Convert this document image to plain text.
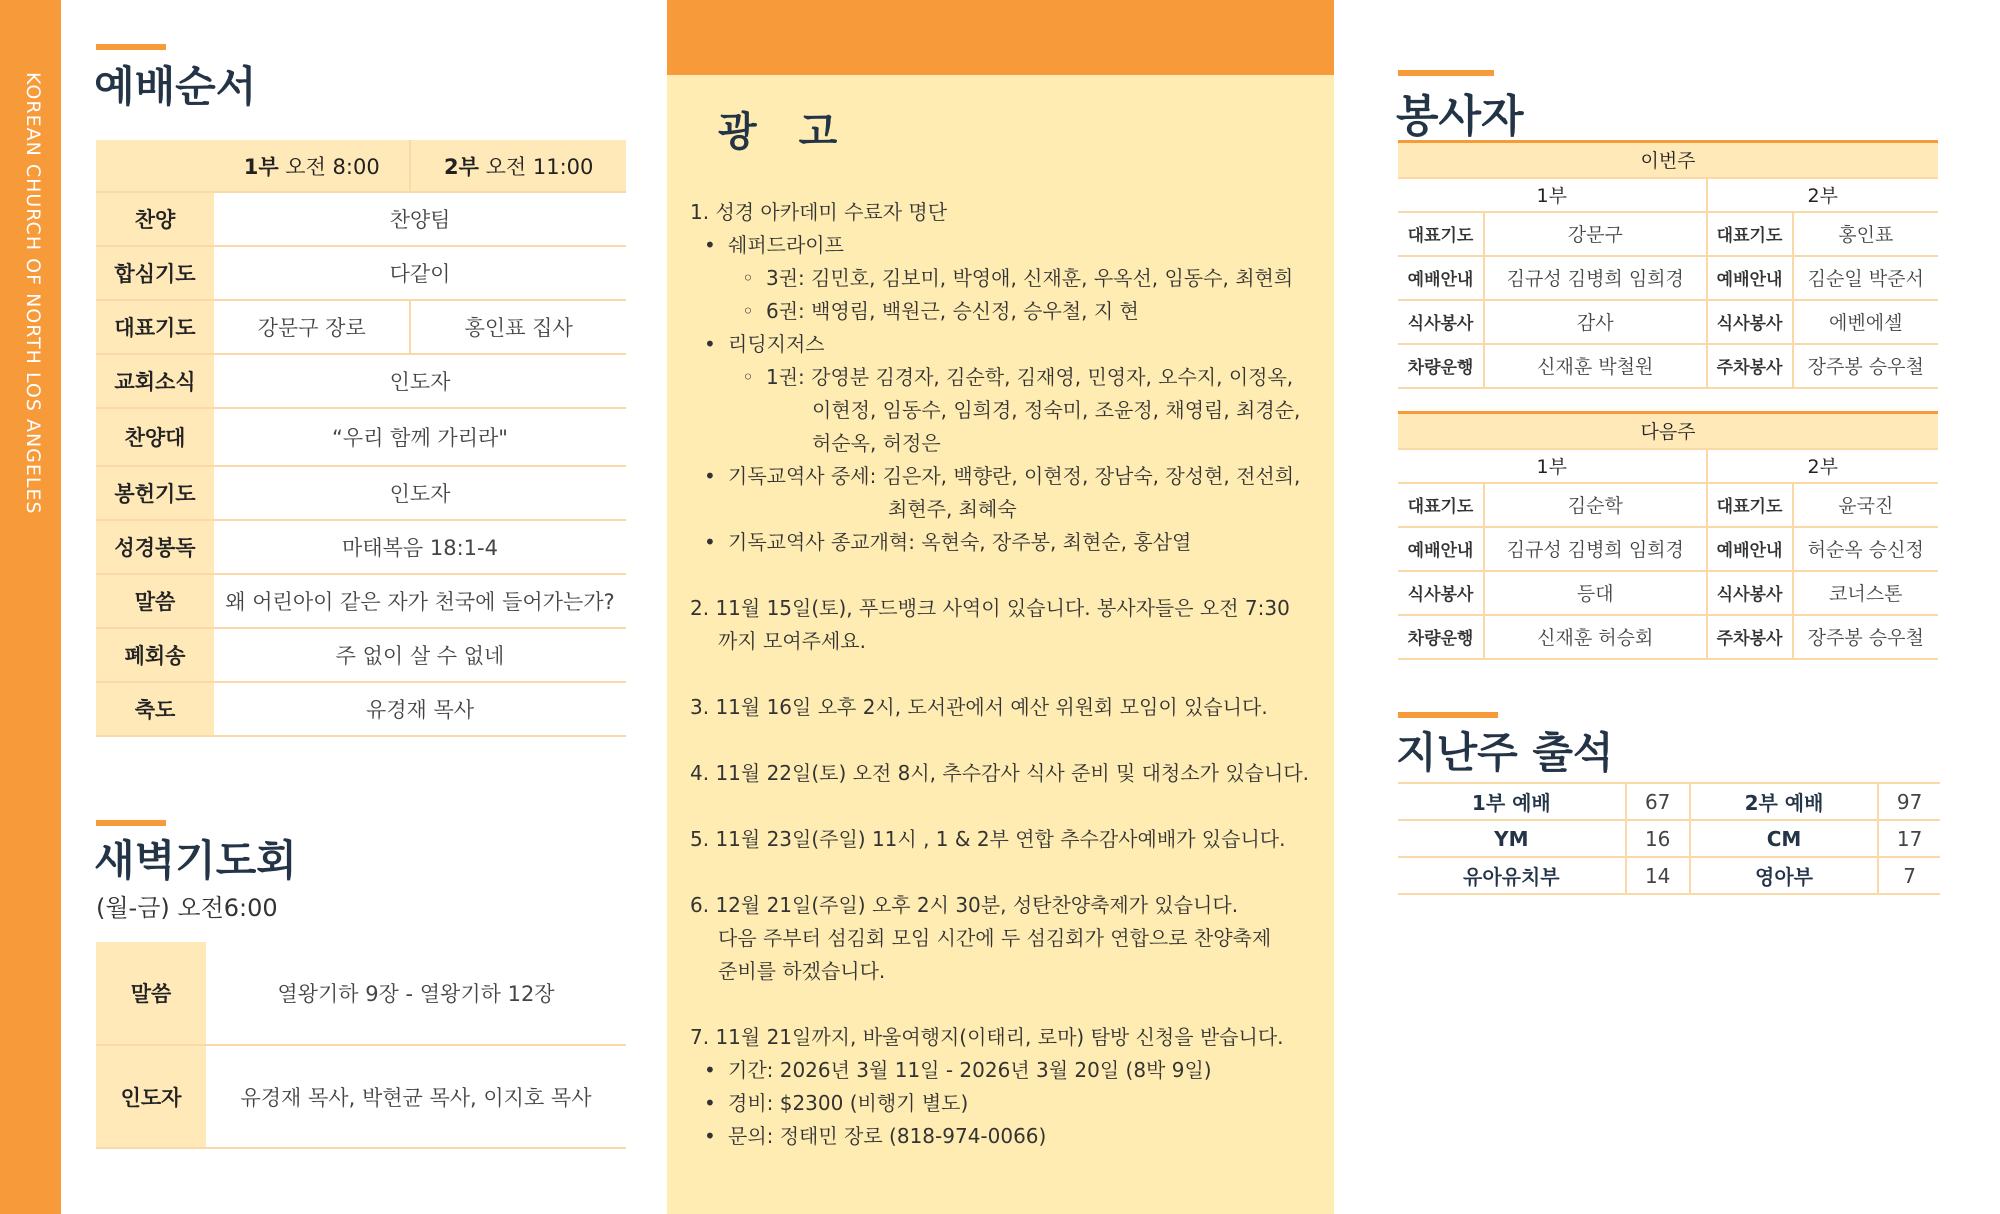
KOREAN CHURCH OF NORTH LOS ANGELES 예배순서
	1부 오전 8:00	2부 오전 11:00
찬양	찬양팀	
합심기도	다같이	
대표기도	강문구 장로	홍인표 집사
교회소식	인도자	
찬양대	“우리 함께 가리라"	
봉헌기도	인도자	
성경봉독	마태복음 18:1-4	
말씀	왜 어린아이 같은 자가 천국에 들어가는가?	
폐회송	주 없이 살 수 없네	
축도	유경재 목사	
새벽기도회
(월-금) 오전6:00
말씀	열왕기하 9장 - 열왕기하 12장
인도자	유경재 목사, 박현균 목사, 이지호 목사
광 고
1. 성경 아카데미 수료자 명단
• 쉐퍼드라이프
◦ 3권: 김민호, 김보미, 박영애, 신재훈, 우옥선, 임동수, 최현희
◦ 6권: 백영림, 백원근, 승신정, 승우철, 지 현
• 리딩지저스
◦ 1권: 강영분 김경자, 김순학, 김재영, 민영자, 오수지, 이정옥,
이현정, 임동수, 임희경, 정숙미, 조윤정, 채영림, 최경순,
허순옥, 허정은
• 기독교역사 중세: 김은자, 백향란, 이현정, 장남숙, 장성현, 전선희,
최현주, 최혜숙
• 기독교역사 종교개혁: 옥현숙, 장주봉, 최현순, 홍삼열
2. 11월 15일(토), 푸드뱅크 사역이 있습니다. 봉사자들은 오전 7:30
까지 모여주세요.
3. 11월 16일 오후 2시, 도서관에서 예산 위원회 모임이 있습니다.
4. 11월 22일(토) 오전 8시, 추수감사 식사 준비 및 대청소가 있습니다.
5. 11월 23일(주일) 11시 , 1 & 2부 연합 추수감사예배가 있습니다.
6. 12월 21일(주일) 오후 2시 30분, 성탄찬양축제가 있습니다.
다음 주부터 섬김회 모임 시간에 두 섬김회가 연합으로 찬양축제
준비를 하겠습니다.
7. 11월 21일까지, 바울여행지(이태리, 로마) 탐방 신청을 받습니다.
• 기간: 2026년 3월 11일 - 2026년 3월 20일 (8박 9일)
• 경비: $2300 (비행기 별도)
• 문의: 정태민 장로 (818-974-0066)
봉사자
이번주			
1부		2부	
대표기도	강문구	대표기도	홍인표
예배안내	김규성 김병희 임희경	예배안내	김순일 박준서
식사봉사	감사	식사봉사	에벤에셀
차량운행	신재훈 박철원	주차봉사	장주봉 승우철
다음주			
1부		2부	
대표기도	김순학	대표기도	윤국진
예배안내	김규성 김병희 임희경	예배안내	허순옥 승신정
식사봉사	등대	식사봉사	코너스톤
차량운행	신재훈 허승회	주차봉사	장주봉 승우철
지난주 출석
1부 예배	67	2부 예배	97
YM	16	CM	17
유아유치부	14	영아부	7
